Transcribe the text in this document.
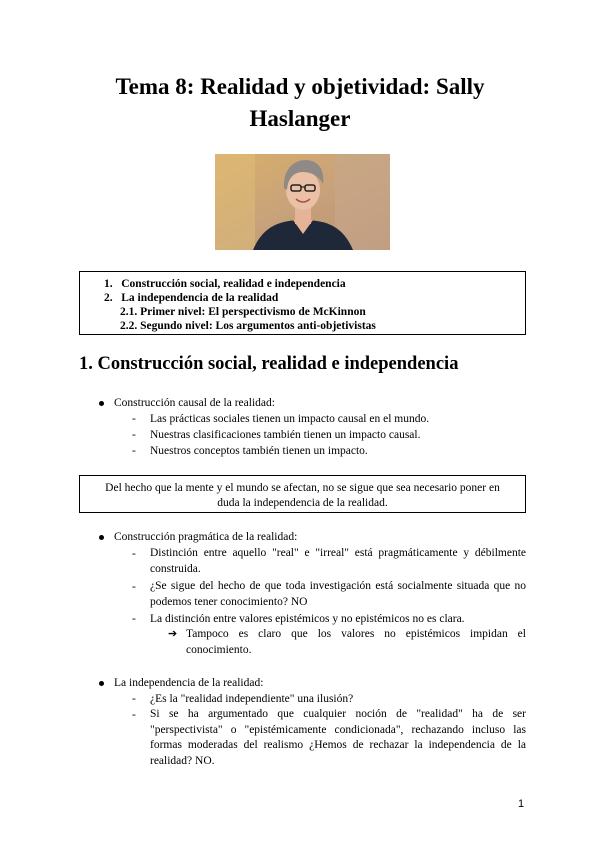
Tema 8: Realidad y objetividad: Sally
Haslanger
1. Construcción social, realidad e independencia
2. La independencia de la realidad
2.1. Primer nivel: El perspectivismo de McKinnon
2.2. Segundo nivel: Los argumentos anti-objetivistas
1. Construcción social, realidad e independencia
Construcción causal de la realidad:
- Las prácticas sociales tienen un impacto causal en el mundo.
- Nuestras clasificaciones también tienen un impacto causal.
- Nuestros conceptos también tienen un impacto.
Del hecho que la mente y el mundo se afectan, no se sigue que sea necesario poner en duda la independencia de la realidad.
Construcción pragmática de la realidad:
- Distinción entre aquello "real" e "irreal" está pragmáticamente y débilmente construida.
- ¿Se sigue del hecho de que toda investigación está socialmente situada que no podemos tener conocimiento? NO
- La distinción entre valores epistémicos y no epistémicos no es clara.
➔ Tampoco es claro que los valores no epistémicos impidan el conocimiento.
La independencia de la realidad:
- ¿Es la "realidad independiente" una ilusión?
- Si se ha argumentado que cualquier noción de "realidad" ha de ser "perspectivista" o "epistémicamente condicionada", rechazando incluso las formas moderadas del realismo ¿Hemos de rechazar la independencia de la realidad? NO.
1
